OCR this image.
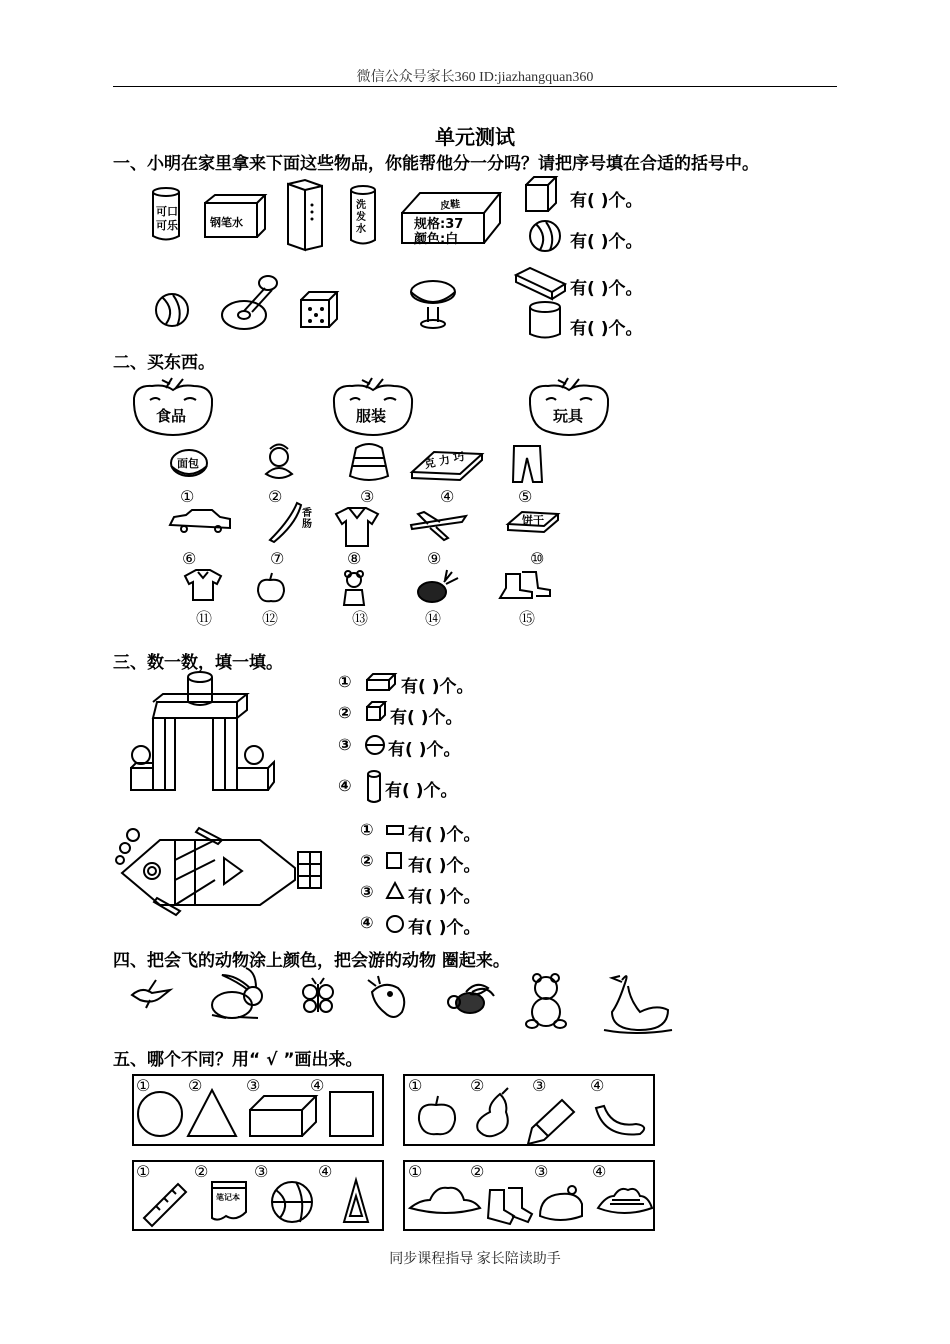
微信公众号家长360 ID:jiazhangquan360
单元测试
一、小明在家里拿来下面这些物品，你能帮他分一分吗？请把序号填在合适的括号中。
可口
可乐	钢笔水
洗发水
皮鞋
规格:37
颜色:白
有( )个。
有( )个。
有( )个。
有( )个。
二、买东西。
食品	服装	玩具
面包	克 力 巧
香肠	饼干
①	②	③	④	⑤
⑥	⑦	⑧	⑨	⑩
⑪	⑫	⑬	⑭	⑮
三、数一数，填一填。
①	有( )个。
② 有( )个。
③ 有( )个。
④ 有( )个。
① 有( )个。
② 有( )个。
③ 有( )个。
④ 有( )个。
四、把会飞的动物涂上颜色，把会游的动物 圈起来。
五、哪个不同？用“ √ ”画出来。
① ②	③	④	①	②	③	④
①	②	③	④	①	②	③	④
笔记本
同步课程指导 家长陪读助手
